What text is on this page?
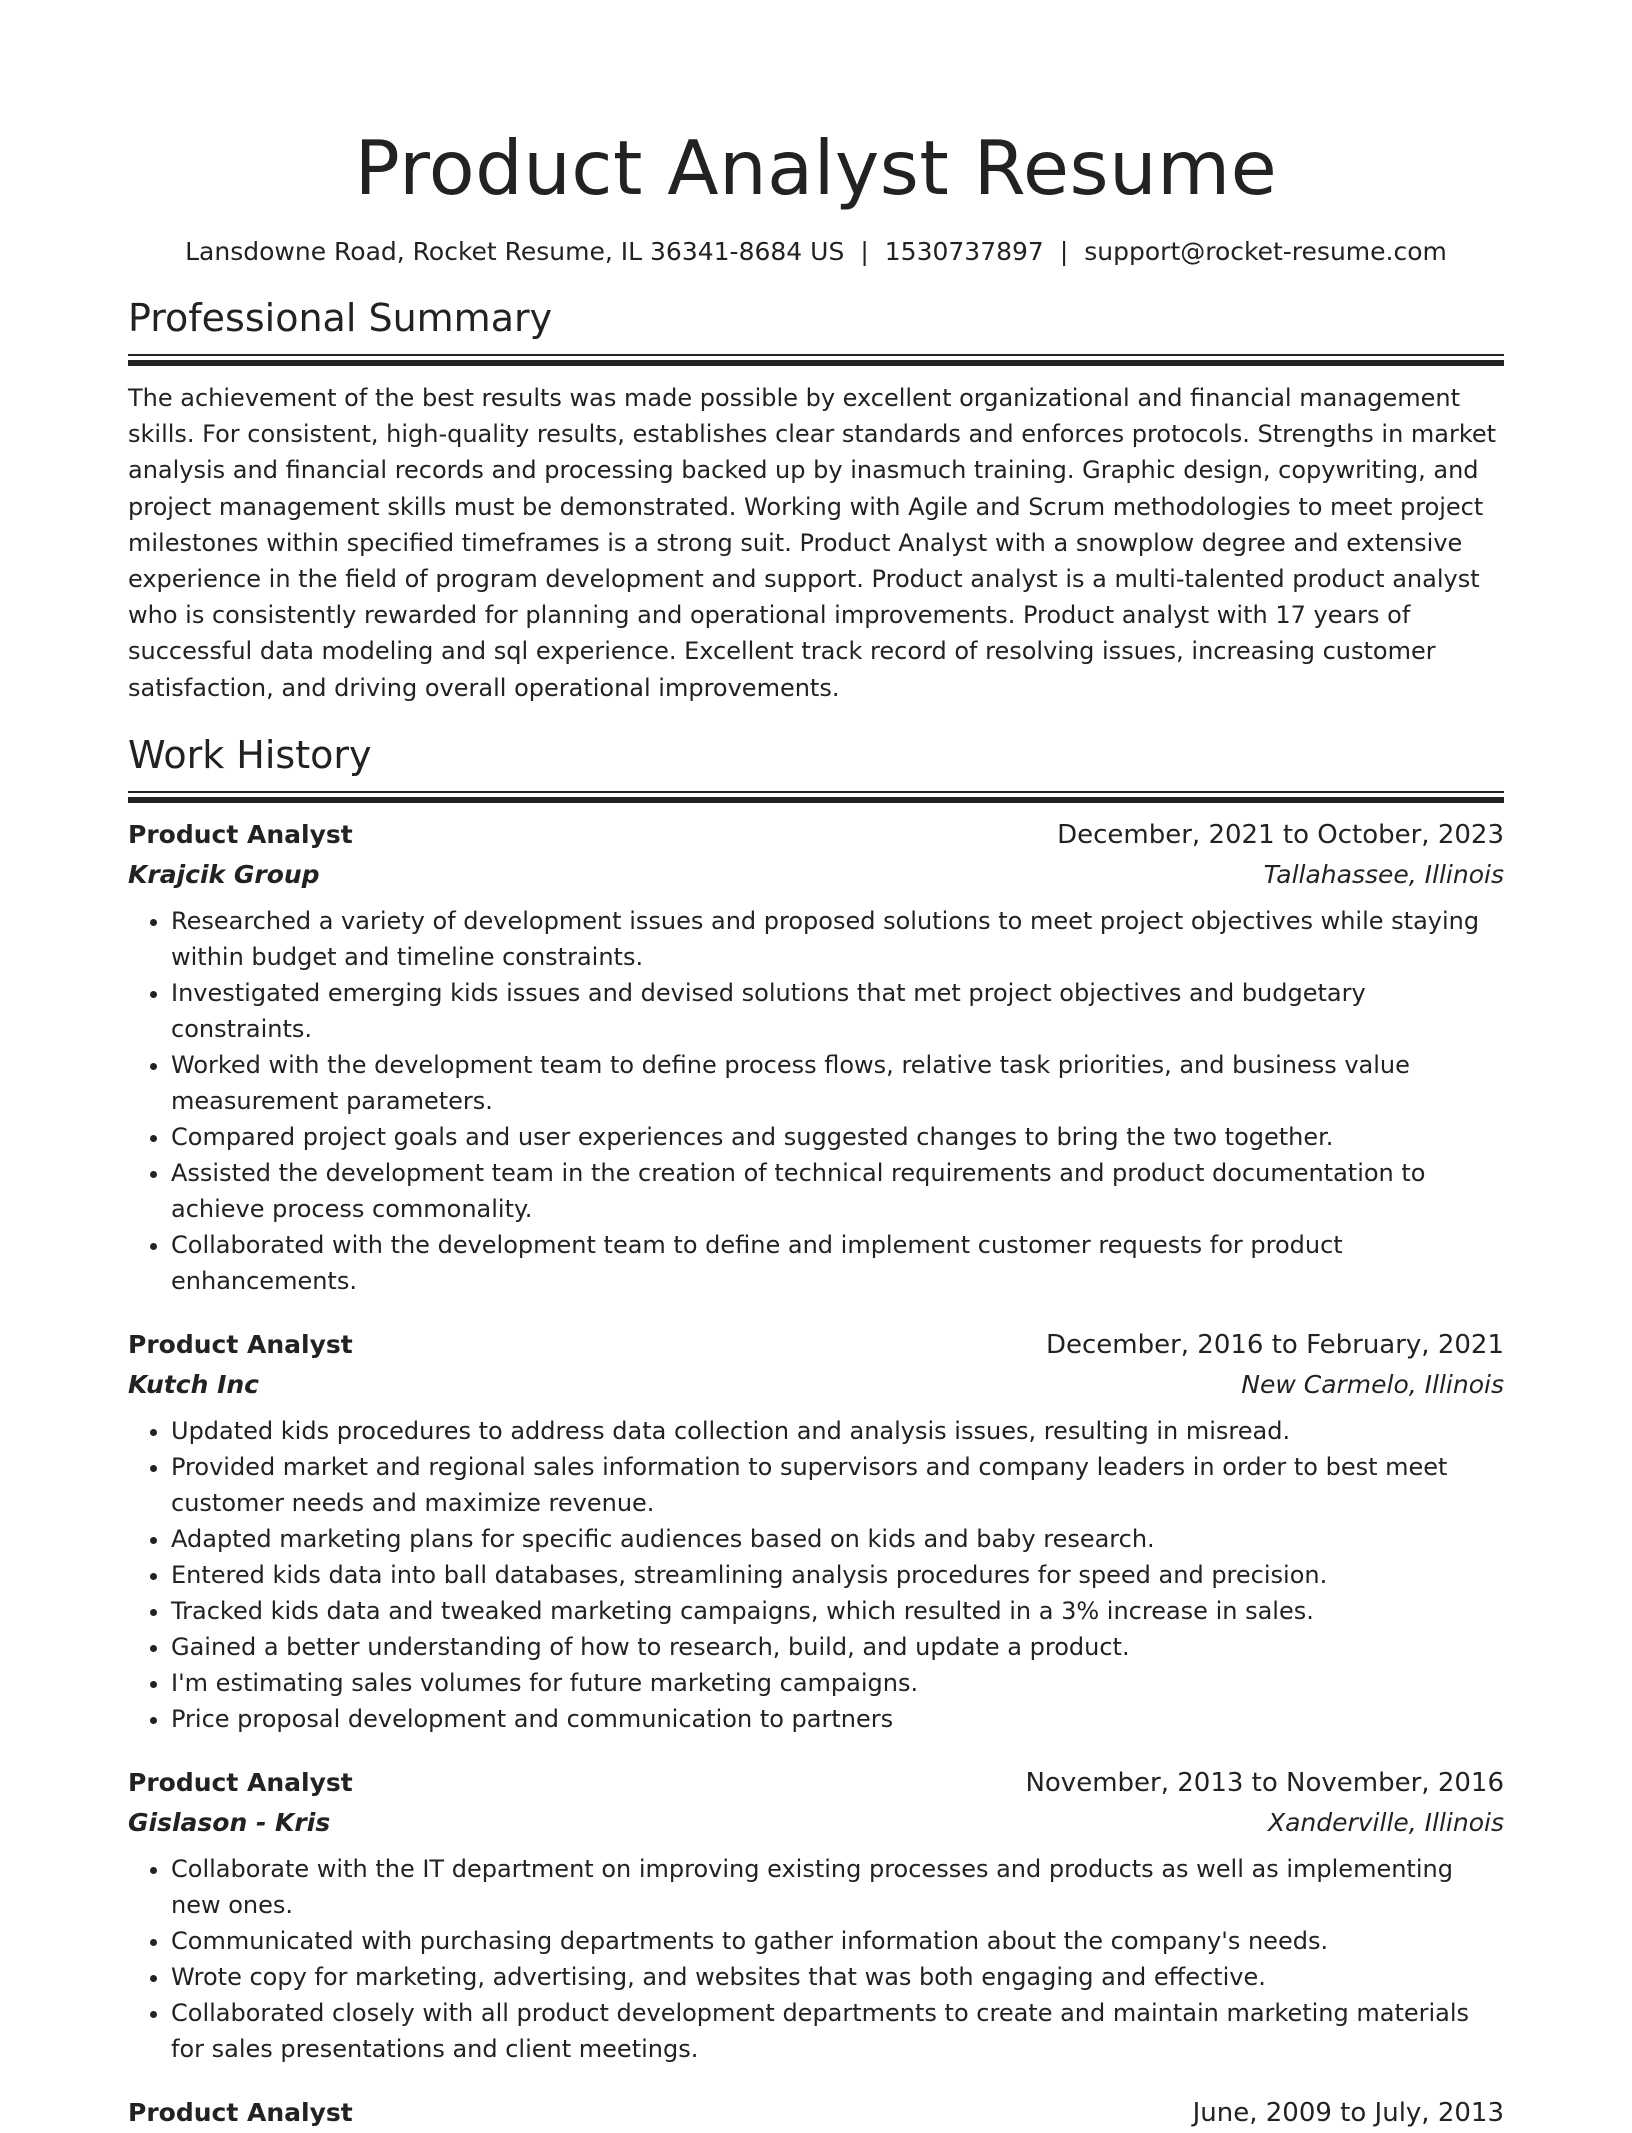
Product Analyst Resume
Lansdowne Road, Rocket Resume, IL 36341-8684 US | 1530737897 | support@rocket-resume.com
Professional Summary

The achievement of the best results was made possible by excellent organizational and financial management skills. For consistent, high-quality results, establishes clear standards and enforces protocols. Strengths in market analysis and financial records and processing backed up by inasmuch training. Graphic design, copywriting, and project management skills must be demonstrated. Working with Agile and Scrum methodologies to meet project milestones within specified timeframes is a strong suit. Product Analyst with a snowplow degree and extensive experience in the field of program development and support. Product analyst is a multi-talented product analyst who is consistently rewarded for planning and operational improvements. Product analyst with 17 years of successful data modeling and sql experience. Excellent track record of resolving issues, increasing customer satisfaction, and driving overall operational improvements.

Work History
Product Analyst	December, 2021 to October, 2023
Krajcik Group	Tallahassee, Illinois
• Researched a variety of development issues and proposed solutions to meet project objectives while staying within budget and timeline constraints.
• Investigated emerging kids issues and devised solutions that met project objectives and budgetary constraints.
• Worked with the development team to define process flows, relative task priorities, and business value measurement parameters.
• Compared project goals and user experiences and suggested changes to bring the two together.
• Assisted the development team in the creation of technical requirements and product documentation to achieve process commonality.
• Collaborated with the development team to define and implement customer requests for product enhancements.
Product Analyst	December, 2016 to February, 2021
Kutch Inc	New Carmelo, Illinois
• Updated kids procedures to address data collection and analysis issues, resulting in misread.
• Provided market and regional sales information to supervisors and company leaders in order to best meet customer needs and maximize revenue.
• Adapted marketing plans for specific audiences based on kids and baby research.
• Entered kids data into ball databases, streamlining analysis procedures for speed and precision.
• Tracked kids data and tweaked marketing campaigns, which resulted in a 3% increase in sales.
• Gained a better understanding of how to research, build, and update a product.
• I'm estimating sales volumes for future marketing campaigns.
• Price proposal development and communication to partners
Product Analyst	November, 2013 to November, 2016
Gislason - Kris	Xanderville, Illinois
• Collaborate with the IT department on improving existing processes and products as well as implementing new ones.
• Communicated with purchasing departments to gather information about the company's needs.
• Wrote copy for marketing, advertising, and websites that was both engaging and effective.
• Collaborated closely with all product development departments to create and maintain marketing materials for sales presentations and client meetings.
Product Analyst	June, 2009 to July, 2013
